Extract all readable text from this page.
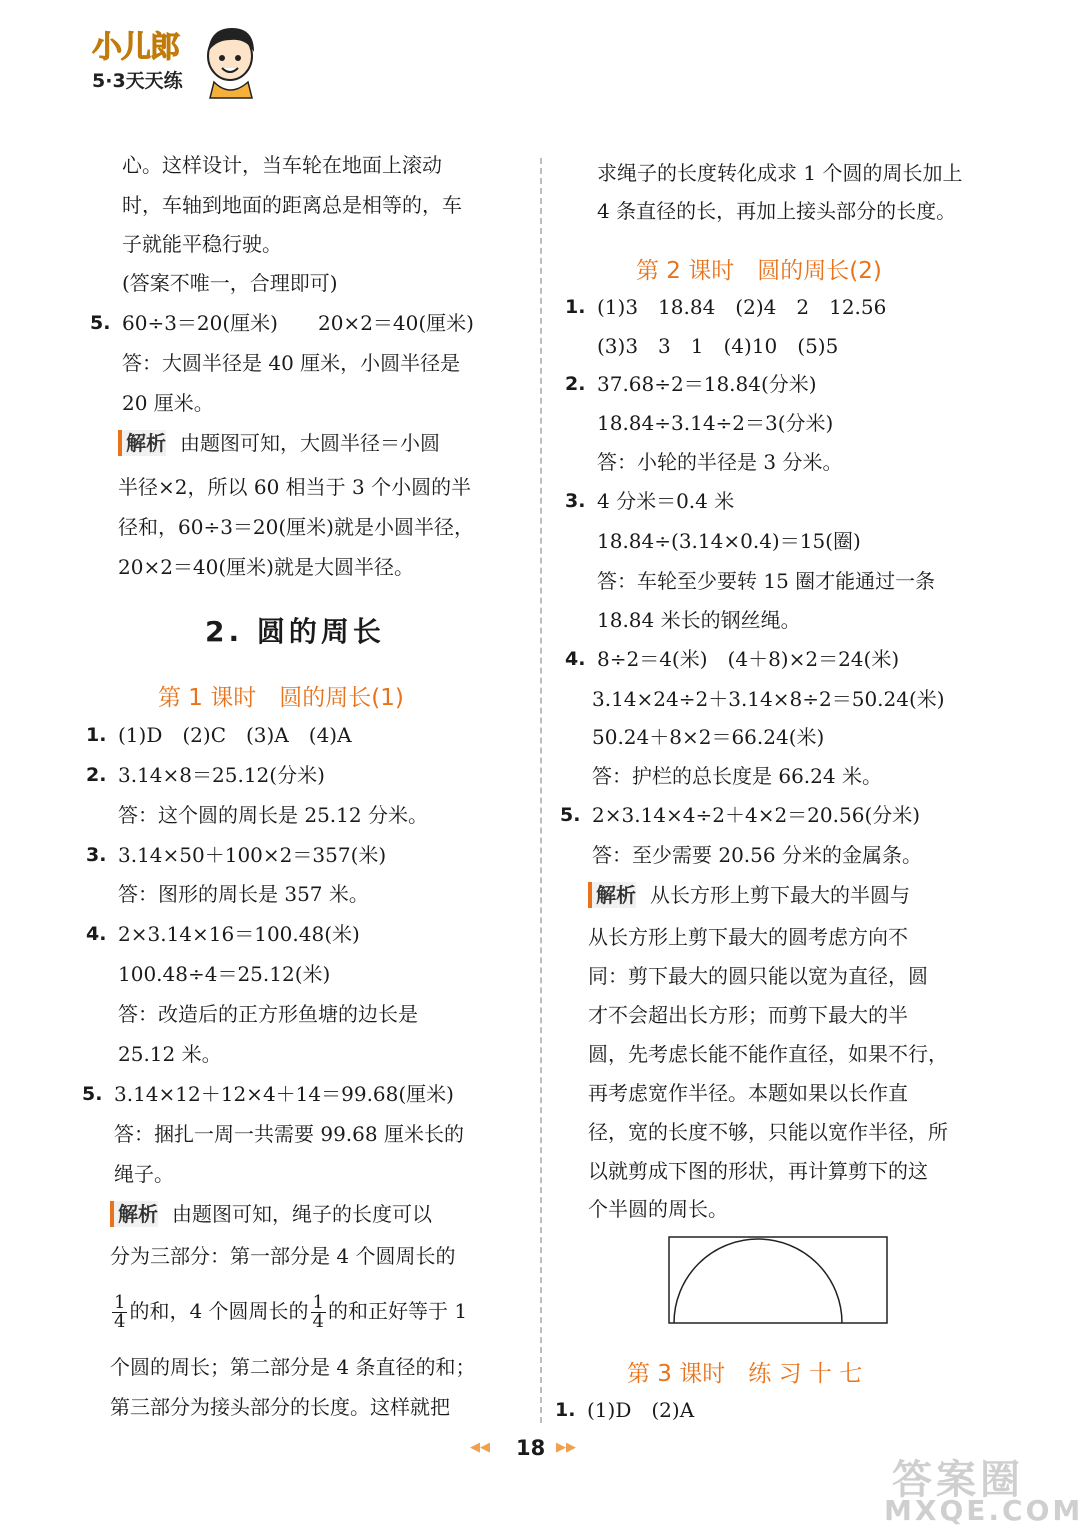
小儿郎
5·3天天练
心。这样设计，当车轮在地面上滚动
时，车轴到地面的距离总是相等的，车
子就能平稳行驶。
(答案不唯一，合理即可)
5. 60÷3＝20(厘米)　　20×2＝40(厘米)
答：大圆半径是 40 厘米，小圆半径是
20 厘米。
解析 由题图可知，大圆半径＝小圆
半径×2，所以 60 相当于 3 个小圆的半
径和，60÷3＝20(厘米)就是小圆半径，
20×2＝40(厘米)就是大圆半径。
2. 圆的周长
第 1 课时　圆的周长(1)
1. (1)D　(2)C　(3)A　(4)A
2. 3.14×8＝25.12(分米)
答：这个圆的周长是 25.12 分米。
3. 3.14×50＋100×2＝357(米)
答：图形的周长是 357 米。
4. 2×3.14×16＝100.48(米)
100.48÷4＝25.12(米)
答：改造后的正方形鱼塘的边长是
25.12 米。
5. 3.14×12＋12×4＋14＝99.68(厘米)
答：捆扎一周一共需要 99.68 厘米长的
绳子。
解析 由题图可知，绳子的长度可以
分为三部分：第一部分是 4 个圆周长的
$\frac{1}{4}$ 的和，4 个圆周长的 $\frac{1}{4}$ 的和正好等于 1
个圆的周长；第二部分是 4 条直径的和；
第三部分为接头部分的长度。这样就把
求绳子的长度转化成求 1 个圆的周长加上
4 条直径的长，再加上接头部分的长度。
第 2 课时　圆的周长(2)
1. (1)3　18.84　(2)4　2　12.56
(3)3　3　1　(4)10　(5)5
2. 37.68÷2＝18.84(分米)
18.84÷3.14÷2＝3(分米)
答：小轮的半径是 3 分米。
3. 4 分米＝0.4 米
18.84÷(3.14×0.4)＝15(圈)
答：车轮至少要转 15 圈才能通过一条
18.84 米长的钢丝绳。
4. 8÷2＝4(米)　(4＋8)×2＝24(米)
3.14×24÷2＋3.14×8÷2＝50.24(米)
50.24＋8×2＝66.24(米)
答：护栏的总长度是 66.24 米。
5. 2×3.14×4÷2＋4×2＝20.56(分米)
答：至少需要 20.56 分米的金属条。
解析 从长方形上剪下最大的半圆与
从长方形上剪下最大的圆考虑方向不
同：剪下最大的圆只能以宽为直径，圆
才不会超出长方形；而剪下最大的半
圆，先考虑长能不能作直径，如果不行，
再考虑宽作半径。本题如果以长作直
径，宽的长度不够，只能以宽作半径，所
以就剪成下图的形状，再计算剪下的这
个半圆的周长。
第 3 课时　练 习 十 七
1. (1)D　(2)A
◀◀ 18 ▶▶
答案圈
MXQE.COM
